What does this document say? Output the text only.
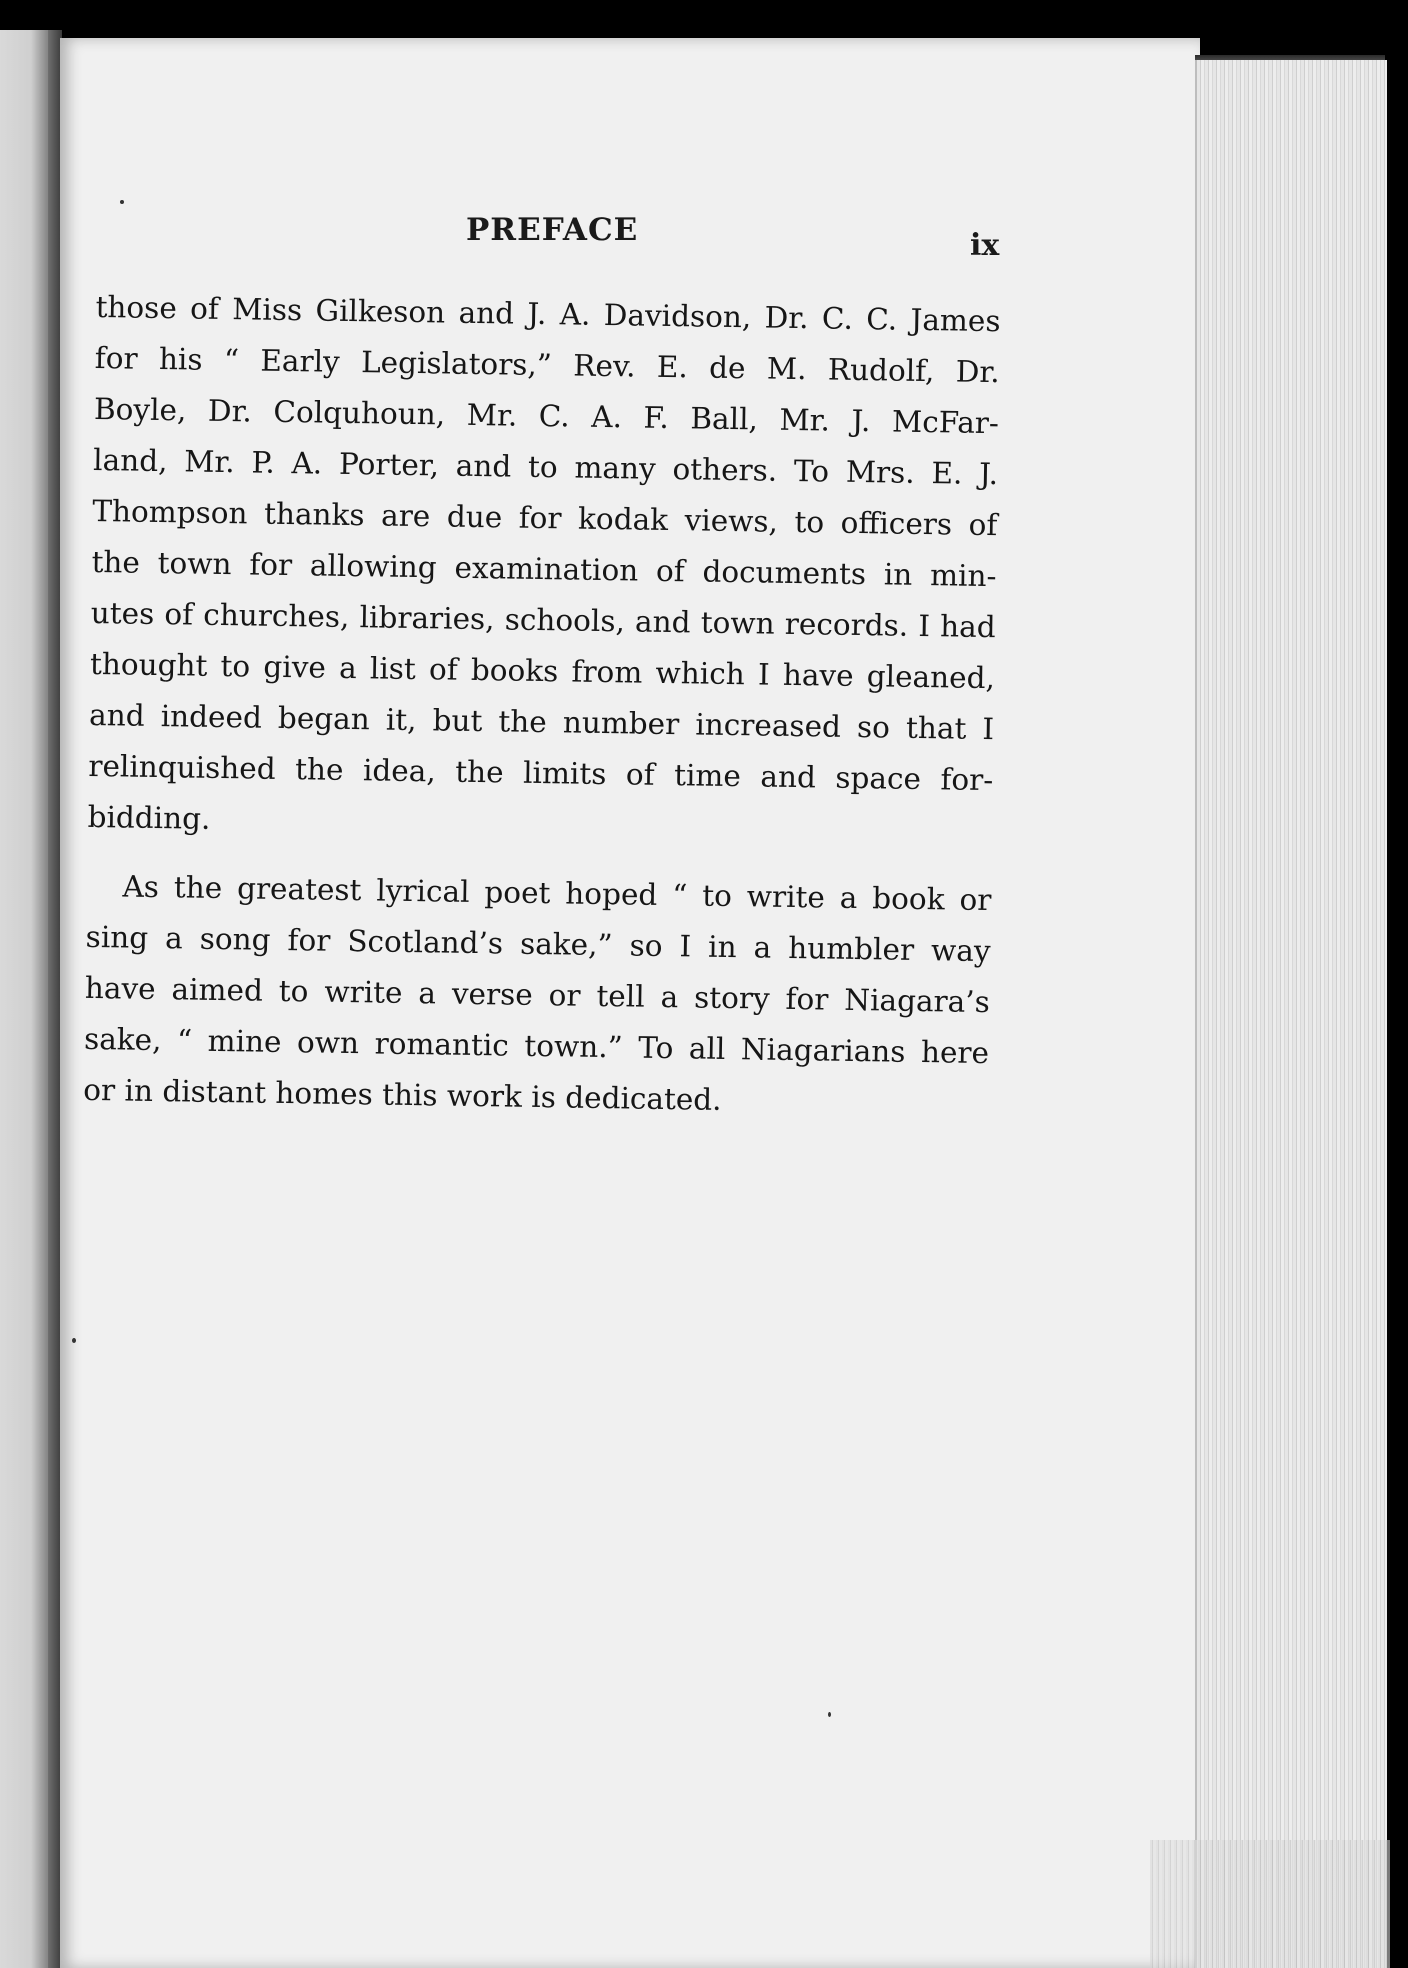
PREFACE	ix
those of Miss Gilkeson and J. A. Davidson, Dr. C. C. James
for his “ Early Legislators,” Rev. E. de M. Rudolf, Dr.
Boyle, Dr. Colquhoun, Mr. C. A. F. Ball, Mr. J. McFar-
land, Mr. P. A. Porter, and to many others. To Mrs. E. J.
Thompson thanks are due for kodak views, to officers of
the town for allowing examination of documents in min-
utes of churches, libraries, schools, and town records. I had
thought to give a list of books from which I have gleaned,
and indeed began it, but the number increased so that I
relinquished the idea, the limits of time and space for-
bidding.
As the greatest lyrical poet hoped “ to write a book or
sing a song for Scotland’s sake,” so I in a humbler way
have aimed to write a verse or tell a story for Niagara’s
sake, “ mine own romantic town.” To all Niagarians here
or in distant homes this work is dedicated.
